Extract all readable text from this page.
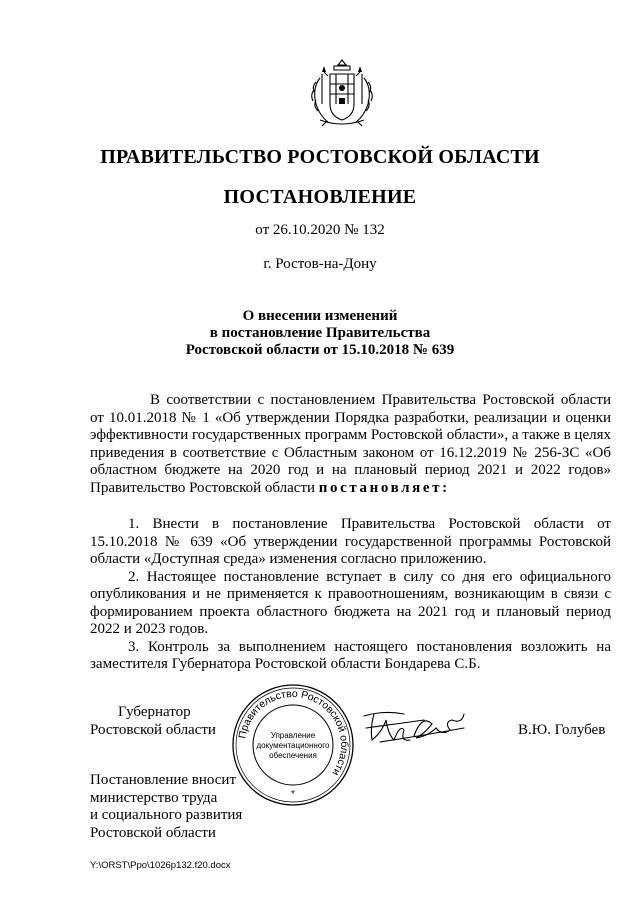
ПРАВИТЕЛЬСТВО РОСТОВСКОЙ ОБЛАСТИ
ПОСТАНОВЛЕНИЕ
от 26.10.2020 № 132
г. Ростов-на-Дону
О внесении изменений
в постановление Правительства
Ростовской области от 15.10.2018 № 639
В соответствии с постановлением Правительства Ростовской области от 10.01.2018 № 1 «Об утверждении Порядка разработки, реализации и оценки эффективности государственных программ Ростовской области», а также в целях приведения в соответствие с Областным законом от 16.12.2019 № 256-ЗС «Об областном бюджете на 2020 год и на плановый период 2021 и 2022 годов» Правительство Ростовской области постановляет:

1. Внести в постановление Правительства Ростовской области от 15.10.2018 № 639 «Об утверждении государственной программы Ростовской области «Доступная среда» изменения согласно приложению.

2. Настоящее постановление вступает в силу со дня его официального опубликования и не применяется к правоотношениям, возникающим в связи с формированием проекта областного бюджета на 2021 год и плановый период 2022 и 2023 годов.

3. Контроль за выполнением настоящего постановления возложить на заместителя Губернатора Ростовской области Бондарева С.Б.

Губернатор
Ростовской области Правительство Ростовской области
Управление
документационного
обеспечения
*
В.Ю. Голубев
Постановление вносит
министерство труда
и социального развития
Ростовской области
Y:\ORST\Ppo\1026p132.f20.docx
